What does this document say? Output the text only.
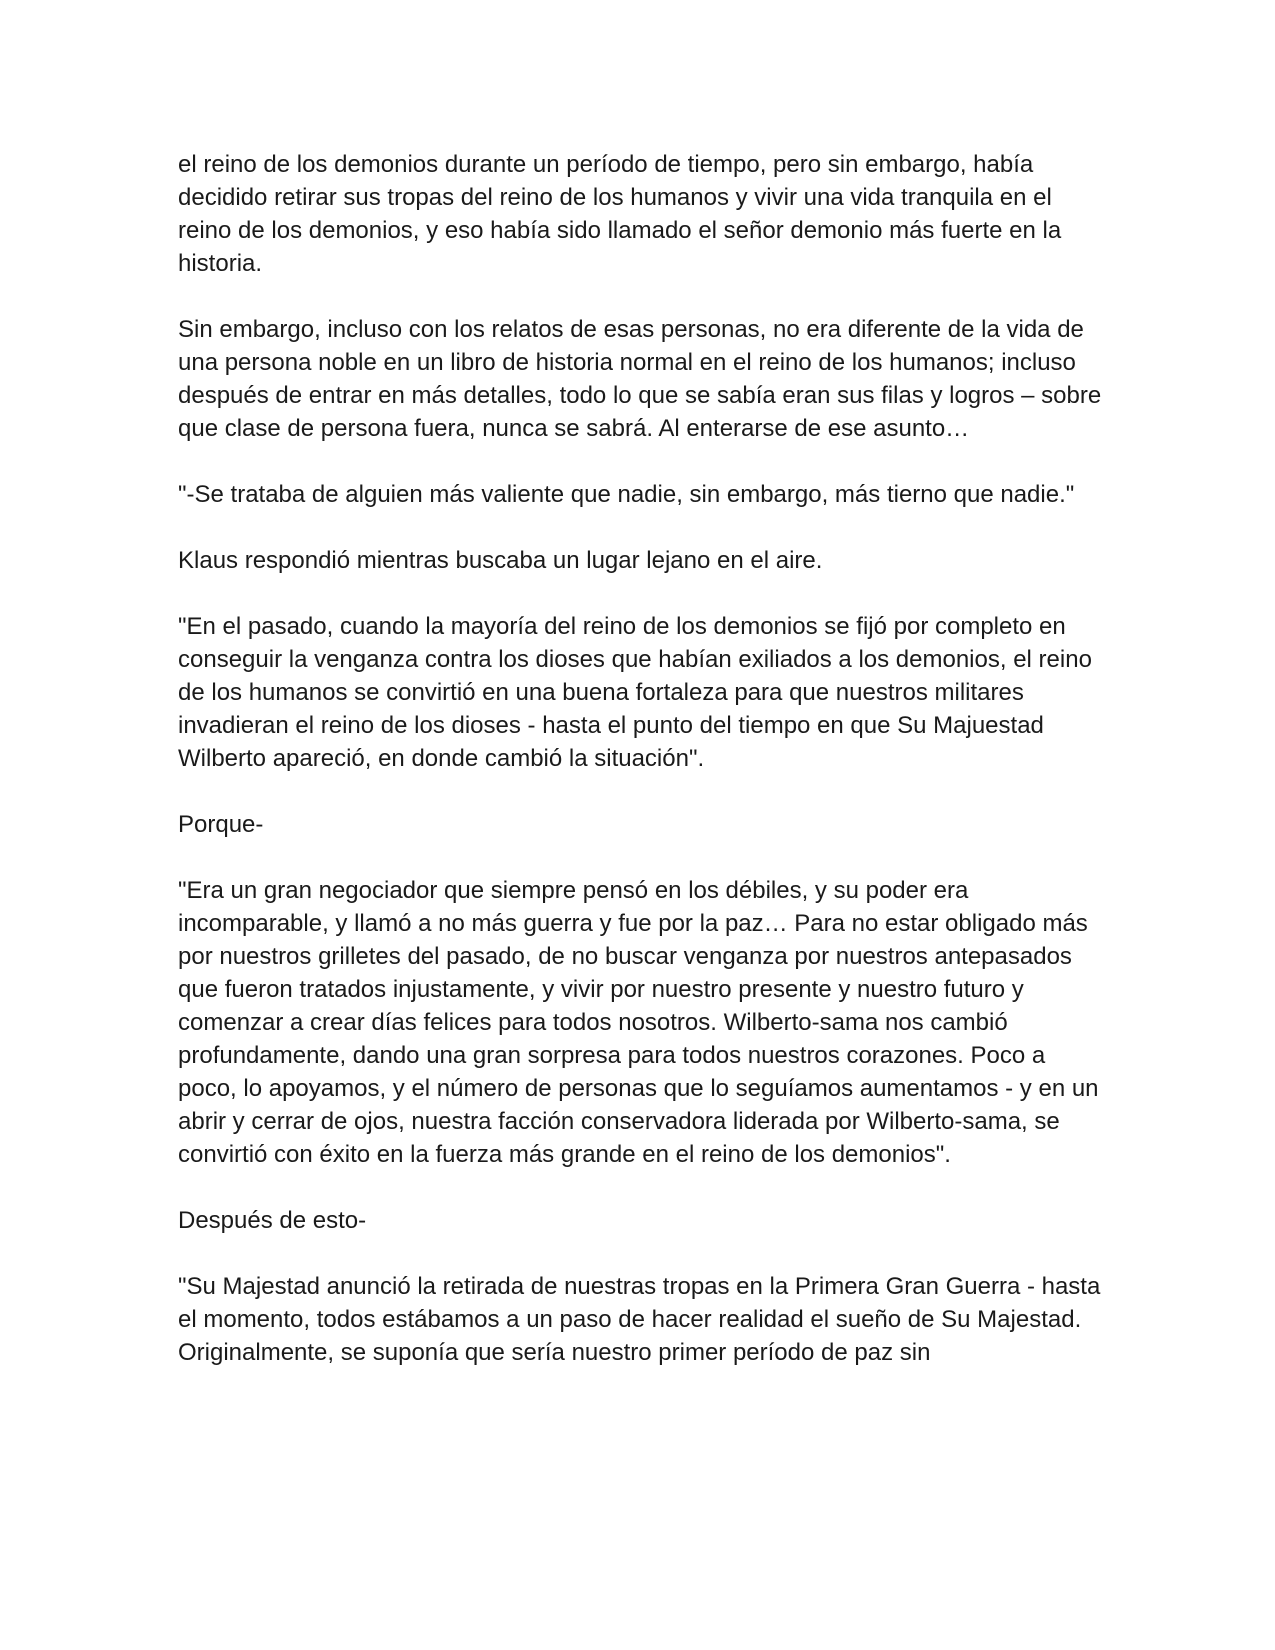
el reino de los demonios durante un período de tiempo, pero sin embargo, había decidido retirar sus tropas del reino de los humanos y vivir una vida tranquila en el reino de los demonios, y eso había sido llamado el señor demonio más fuerte en la historia.

Sin embargo, incluso con los relatos de esas personas, no era diferente de la vida de una persona noble en un libro de historia normal en el reino de los humanos; incluso después de entrar en más detalles, todo lo que se sabía eran sus filas y logros – sobre que clase de persona fuera, nunca se sabrá. Al enterarse de ese asunto…

"-Se trataba de alguien más valiente que nadie, sin embargo, más tierno que nadie."

Klaus respondió mientras buscaba un lugar lejano en el aire.

"En el pasado, cuando la mayoría del reino de los demonios se fijó por completo en conseguir la venganza contra los dioses que habían exiliados a los demonios, el reino de los humanos se convirtió en una buena fortaleza para que nuestros militares invadieran el reino de los dioses - hasta el punto del tiempo en que Su Majuestad Wilberto apareció, en donde cambió la situación".

Porque-

"Era un gran negociador que siempre pensó en los débiles, y su poder era incomparable, y llamó a no más guerra y fue por la paz… Para no estar obligado más por nuestros grilletes del pasado, de no buscar venganza por nuestros antepasados que fueron tratados injustamente, y vivir por nuestro presente y nuestro futuro y comenzar a crear días felices para todos nosotros. Wilberto-sama nos cambió profundamente, dando una gran sorpresa para todos nuestros corazones. Poco a poco, lo apoyamos, y el número de personas que lo seguíamos aumentamos - y en un abrir y cerrar de ojos, nuestra facción conservadora liderada por Wilberto-sama, se convirtió con éxito en la fuerza más grande en el reino de los demonios".

Después de esto-

"Su Majestad anunció la retirada de nuestras tropas en la Primera Gran Guerra - hasta el momento, todos estábamos a un paso de hacer realidad el sueño de Su Majestad. Originalmente, se suponía que sería nuestro primer período de paz sin
